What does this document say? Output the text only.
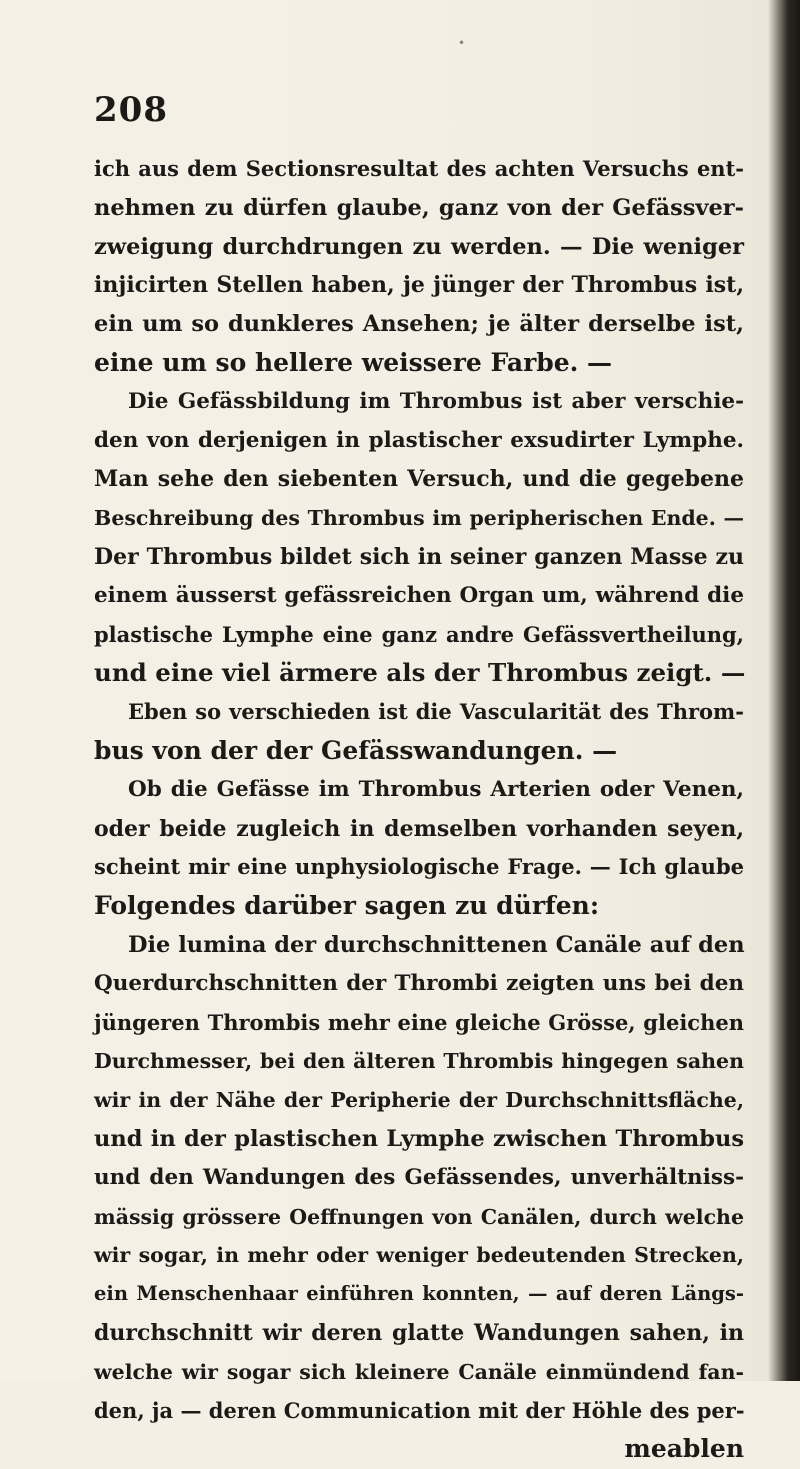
•
208
ich aus dem Sectionsresultat des achten Versuchs ent-
nehmen zu dürfen glaube, ganz von der Gefässver-
zweigung durchdrungen zu werden. — Die weniger
injicirten Stellen haben, je jünger der Thrombus ist,
ein um so dunkleres Ansehen; je älter derselbe ist,
eine um so hellere weissere Farbe. —
Die Gefässbildung im Thrombus ist aber verschie-
den von derjenigen in plastischer exsudirter Lymphe.
Man sehe den siebenten Versuch, und die gegebene
Beschreibung des Thrombus im peripherischen Ende. —
Der Thrombus bildet sich in seiner ganzen Masse zu
einem äusserst gefässreichen Organ um, während die
plastische Lymphe eine ganz andre Gefässvertheilung,
und eine viel ärmere als der Thrombus zeigt. —
Eben so verschieden ist die Vascularität des Throm-
bus von der der Gefässwandungen. —
Ob die Gefässe im Thrombus Arterien oder Venen,
oder beide zugleich in demselben vorhanden seyen,
scheint mir eine unphysiologische Frage. — Ich glaube
Folgendes darüber sagen zu dürfen:
Die lumina der durchschnittenen Canäle auf den
Querdurchschnitten der Thrombi zeigten uns bei den
jüngeren Thrombis mehr eine gleiche Grösse, gleichen
Durchmesser, bei den älteren Thrombis hingegen sahen
wir in der Nähe der Peripherie der Durchschnittsfläche,
und in der plastischen Lymphe zwischen Thrombus
und den Wandungen des Gefässendes, unverhältniss-
mässig grössere Oeffnungen von Canälen, durch welche
wir sogar, in mehr oder weniger bedeutenden Strecken,
ein Menschenhaar einführen konnten, — auf deren Längs-
durchschnitt wir deren glatte Wandungen sahen, in
welche wir sogar sich kleinere Canäle einmündend fan-
den, ja — deren Communication mit der Höhle des per-
meablen
